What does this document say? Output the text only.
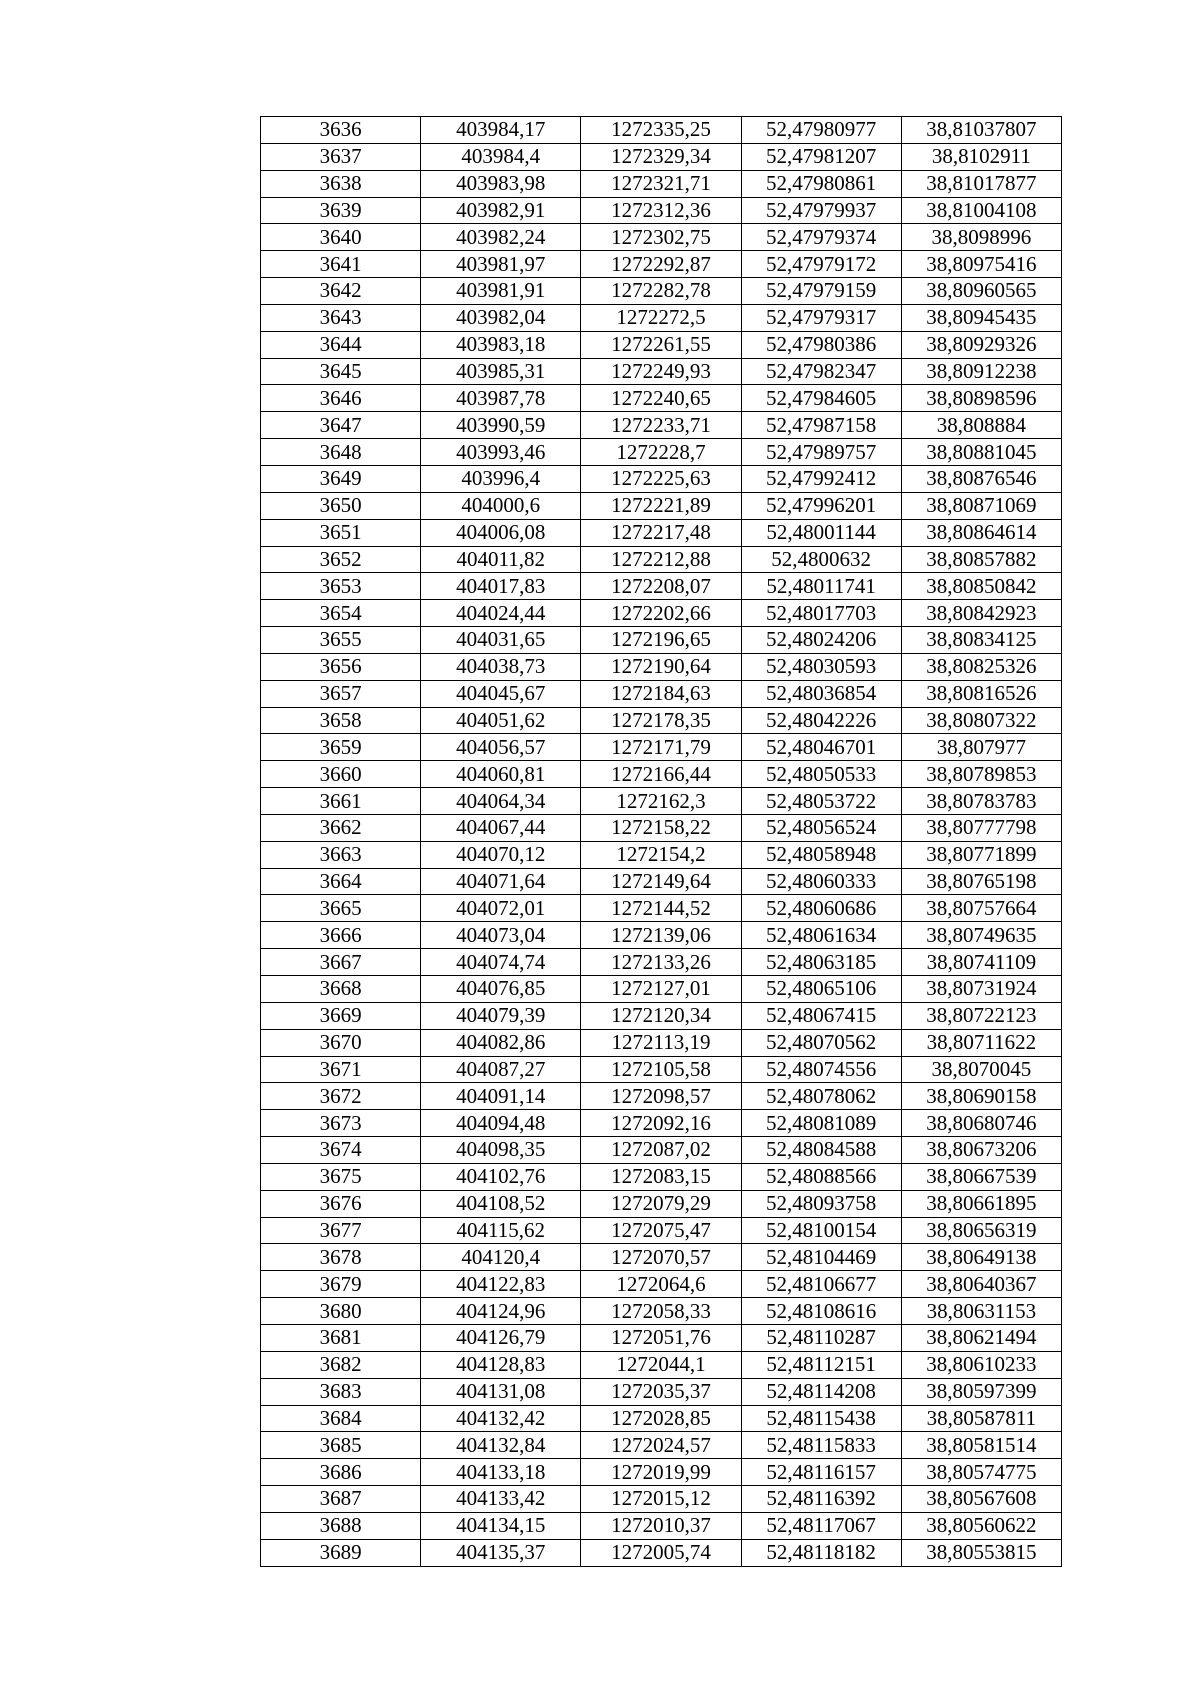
3636	403984,17	1272335,25	52,47980977	38,81037807
3637	403984,4	1272329,34	52,47981207	38,8102911
3638	403983,98	1272321,71	52,47980861	38,81017877
3639	403982,91	1272312,36	52,47979937	38,81004108
3640	403982,24	1272302,75	52,47979374	38,8098996
3641	403981,97	1272292,87	52,47979172	38,80975416
3642	403981,91	1272282,78	52,47979159	38,80960565
3643	403982,04	1272272,5	52,47979317	38,80945435
3644	403983,18	1272261,55	52,47980386	38,80929326
3645	403985,31	1272249,93	52,47982347	38,80912238
3646	403987,78	1272240,65	52,47984605	38,80898596
3647	403990,59	1272233,71	52,47987158	38,808884
3648	403993,46	1272228,7	52,47989757	38,80881045
3649	403996,4	1272225,63	52,47992412	38,80876546
3650	404000,6	1272221,89	52,47996201	38,80871069
3651	404006,08	1272217,48	52,48001144	38,80864614
3652	404011,82	1272212,88	52,4800632	38,80857882
3653	404017,83	1272208,07	52,48011741	38,80850842
3654	404024,44	1272202,66	52,48017703	38,80842923
3655	404031,65	1272196,65	52,48024206	38,80834125
3656	404038,73	1272190,64	52,48030593	38,80825326
3657	404045,67	1272184,63	52,48036854	38,80816526
3658	404051,62	1272178,35	52,48042226	38,80807322
3659	404056,57	1272171,79	52,48046701	38,807977
3660	404060,81	1272166,44	52,48050533	38,80789853
3661	404064,34	1272162,3	52,48053722	38,80783783
3662	404067,44	1272158,22	52,48056524	38,80777798
3663	404070,12	1272154,2	52,48058948	38,80771899
3664	404071,64	1272149,64	52,48060333	38,80765198
3665	404072,01	1272144,52	52,48060686	38,80757664
3666	404073,04	1272139,06	52,48061634	38,80749635
3667	404074,74	1272133,26	52,48063185	38,80741109
3668	404076,85	1272127,01	52,48065106	38,80731924
3669	404079,39	1272120,34	52,48067415	38,80722123
3670	404082,86	1272113,19	52,48070562	38,80711622
3671	404087,27	1272105,58	52,48074556	38,8070045
3672	404091,14	1272098,57	52,48078062	38,80690158
3673	404094,48	1272092,16	52,48081089	38,80680746
3674	404098,35	1272087,02	52,48084588	38,80673206
3675	404102,76	1272083,15	52,48088566	38,80667539
3676	404108,52	1272079,29	52,48093758	38,80661895
3677	404115,62	1272075,47	52,48100154	38,80656319
3678	404120,4	1272070,57	52,48104469	38,80649138
3679	404122,83	1272064,6	52,48106677	38,80640367
3680	404124,96	1272058,33	52,48108616	38,80631153
3681	404126,79	1272051,76	52,48110287	38,80621494
3682	404128,83	1272044,1	52,48112151	38,80610233
3683	404131,08	1272035,37	52,48114208	38,80597399
3684	404132,42	1272028,85	52,48115438	38,80587811
3685	404132,84	1272024,57	52,48115833	38,80581514
3686	404133,18	1272019,99	52,48116157	38,80574775
3687	404133,42	1272015,12	52,48116392	38,80567608
3688	404134,15	1272010,37	52,48117067	38,80560622
3689	404135,37	1272005,74	52,48118182	38,80553815
